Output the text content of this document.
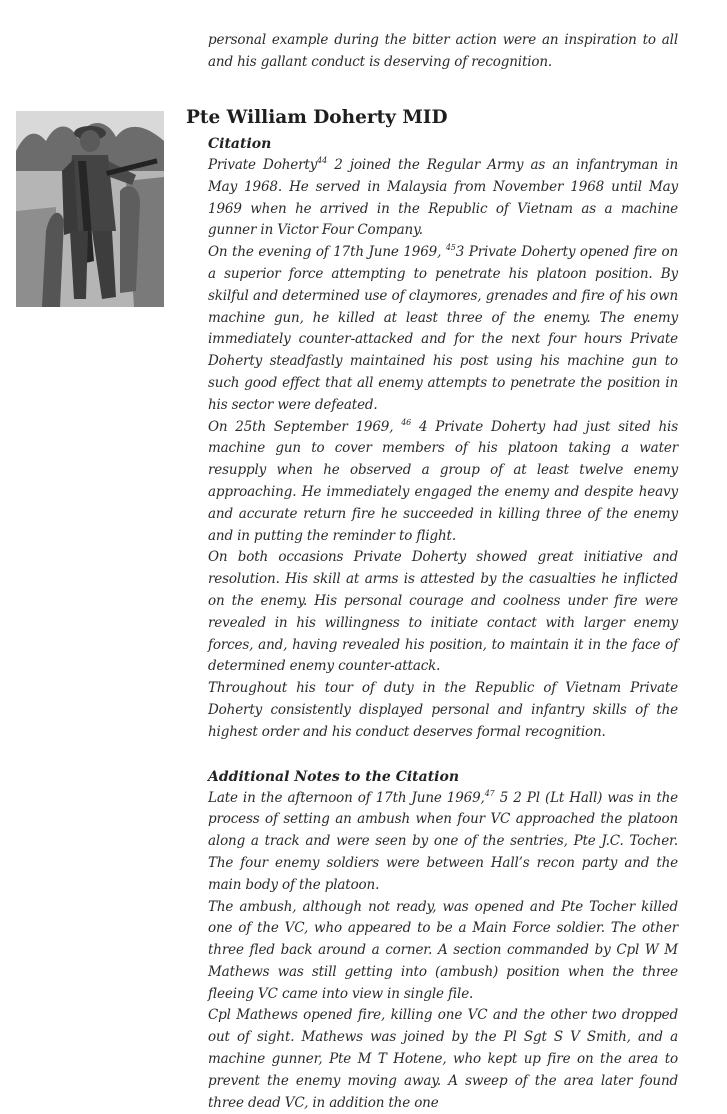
personal example during the bitter action were an inspiration to all and his gallant conduct is deserving of recognition.

Pte William Doherty MID
Citation

Private Doherty$^{44}$ 2 joined the Regular Army as an infantryman in May 1968. He served in Malaysia from November 1968 until May 1969 when he arrived in the Republic of Vietnam as a machine gunner in Victor Four Company.

On the evening of 17th June 1969, $^{45}$3 Private Doherty opened fire on a superior force attempting to penetrate his platoon position. By skilful and determined use of claymores, grenades and fire of his own machine gun, he killed at least three of the enemy. The enemy immediately counter-attacked and for the next four hours Private Doherty steadfastly maintained his post using his machine gun to such good effect that all enemy attempts to penetrate the position in his sector were defeated.

On 25th September 1969, $^{46}$ 4 Private Doherty had just sited his machine gun to cover members of his platoon taking a water resupply when he observed a group of at least twelve enemy approaching. He immediately engaged the enemy and despite heavy and accurate return fire he succeeded in killing three of the enemy and in putting the reminder to flight.

On both occasions Private Doherty showed great initiative and resolution. His skill at arms is attested by the casualties he inflicted on the enemy. His personal courage and coolness under fire were revealed in his willingness to initiate contact with larger enemy forces, and, having revealed his position, to maintain it in the face of determined enemy counter-attack.

Throughout his tour of duty in the Republic of Vietnam Private Doherty consistently displayed personal and infantry skills of the highest order and his conduct deserves formal recognition.

Additional Notes to the Citation

Late in the afternoon of 17th June 1969,47 5 2 Pl (Lt Hall) was in the process of setting an ambush when four VC approached the platoon along a track and were seen by one of the sentries, Pte J.C. Tocher. The four enemy soldiers were between Hall’s recon party and the main body of the platoon.

The ambush, although not ready, was opened and Pte Tocher killed one of the VC, who appeared to be a Main Force soldier. The other three fled back around a corner. A section commanded by Cpl W M Mathews was still getting into (ambush) position when the three fleeing VC came into view in single file.

Cpl Mathews opened fire, killing one VC and the other two dropped out of sight. Mathews was joined by the Pl Sgt S V Smith, and a machine gunner, Pte M T Hotene, who kept up fire on the area to prevent the enemy moving away. A sweep of the area later found three dead VC, in addition the one
